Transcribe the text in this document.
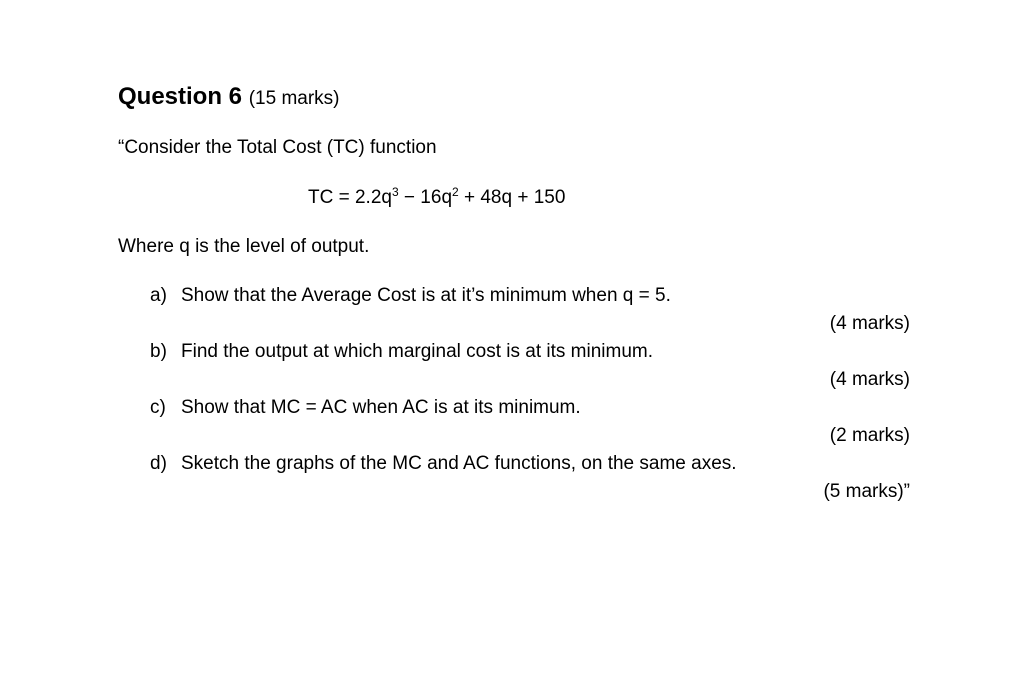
Question 6 (15 marks)
“Consider the Total Cost (TC) function
TC = $2.2q^3 - 16q^2 + 48q + 150$
Where q is the level of output.
a) Show that the Average Cost is at it’s minimum when q = 5.
(4 marks)
b) Find the output at which marginal cost is at its minimum.
(4 marks)
c) Show that MC = AC when AC is at its minimum.
(2 marks)
d) Sketch the graphs of the MC and AC functions, on the same axes.
(5 marks)”
